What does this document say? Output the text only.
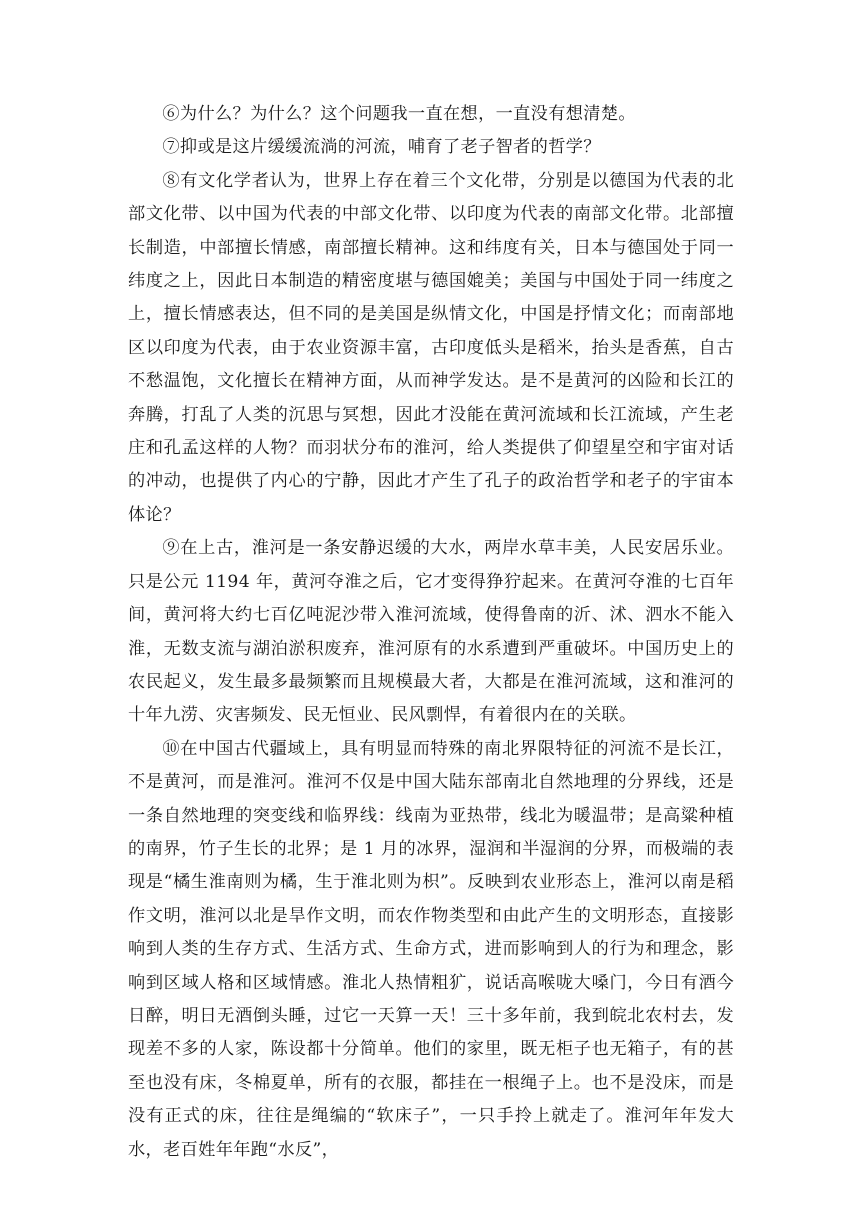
⑥为什么？为什么？这个问题我一直在想，一直没有想清楚。

⑦抑或是这片缓缓流淌的河流，哺育了老子智者的哲学？

⑧有文化学者认为，世界上存在着三个文化带，分别是以德国为代表的北部文化带、以中国为代表的中部文化带、以印度为代表的南部文化带。北部擅长制造，中部擅长情感，南部擅长精神。这和纬度有关，日本与德国处于同一纬度之上，因此日本制造的精密度堪与德国媲美；美国与中国处于同一纬度之上，擅长情感表达，但不同的是美国是纵情文化，中国是抒情文化；而南部地区以印度为代表，由于农业资源丰富，古印度低头是稻米，抬头是香蕉，自古不愁温饱，文化擅长在精神方面，从而神学发达。是不是黄河的凶险和长江的奔腾，打乱了人类的沉思与冥想，因此才没能在黄河流域和长江流域，产生老庄和孔孟这样的人物？而羽状分布的淮河，给人类提供了仰望星空和宇宙对话的冲动，也提供了内心的宁静，因此才产生了孔子的政治哲学和老子的宇宙本体论？

⑨在上古，淮河是一条安静迟缓的大水，两岸水草丰美，人民安居乐业。只是公元 1194 年，黄河夺淮之后，它才变得狰狞起来。在黄河夺淮的七百年间，黄河将大约七百亿吨泥沙带入淮河流域，使得鲁南的沂、沭、泗水不能入淮，无数支流与湖泊淤积废弃，淮河原有的水系遭到严重破坏。中国历史上的农民起义，发生最多最频繁而且规模最大者，大都是在淮河流域，这和淮河的十年九涝、灾害频发、民无恒业、民风剽悍，有着很内在的关联。

⑩在中国古代疆域上，具有明显而特殊的南北界限特征的河流不是长江，不是黄河，而是淮河。淮河不仅是中国大陆东部南北自然地理的分界线，还是一条自然地理的突变线和临界线：线南为亚热带，线北为暖温带；是高粱种植的南界，竹子生长的北界；是 1 月的冰界，湿润和半湿润的分界，而极端的表现是“橘生淮南则为橘，生于淮北则为枳”。反映到农业形态上，淮河以南是稻作文明，淮河以北是旱作文明，而农作物类型和由此产生的文明形态，直接影响到人类的生存方式、生活方式、生命方式，进而影响到人的行为和理念，影响到区域人格和区域情感。淮北人热情粗犷，说话高喉咙大嗓门，今日有酒今日醉，明日无酒倒头睡，过它一天算一天！三十多年前，我到皖北农村去，发现差不多的人家，陈设都十分简单。他们的家里，既无柜子也无箱子，有的甚至也没有床，冬棉夏单，所有的衣服，都挂在一根绳子上。也不是没床，而是没有正式的床，往往是绳编的“软床子”，一只手拎上就走了。淮河年年发大水，老百姓年年跑“水反”，
